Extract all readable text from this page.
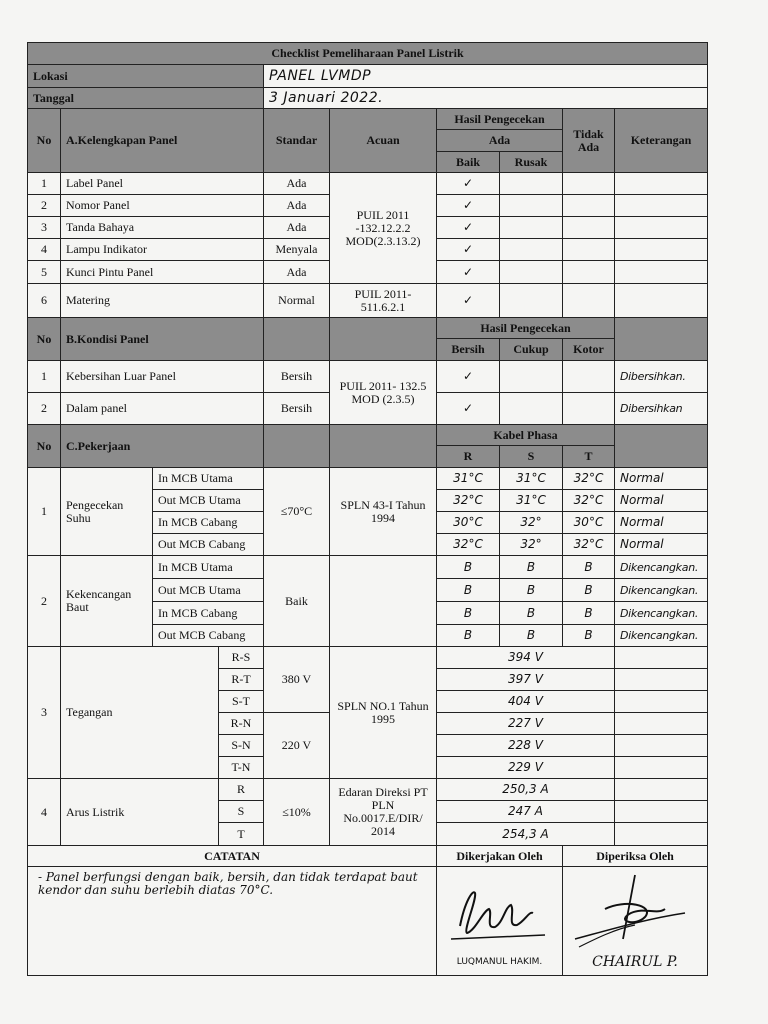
Checklist Pemeliharaan Panel Listrik									
Lokasi				PANEL LVMDP					
Tanggal				3 Januari 2022.					
No	A.Kelengkapan Panel			Standar	Acuan	Hasil Pengecekan		Tidak Ada	Keterangan
						Ada			
						Baik	Rusak		
1	Label Panel			Ada	PUIL 2011 -132.12.2.2 MOD(2.3.13.2)	✓			
2	Nomor Panel			Ada		✓			
3	Tanda Bahaya			Ada		✓			
4	Lampu Indikator			Menyala		✓			
5	Kunci Pintu Panel			Ada		✓			
6	Matering			Normal	PUIL 2011- 511.6.2.1	✓			
No	B.Kondisi Panel					Hasil Pengecekan			
						Bersih	Cukup	Kotor	
1	Kebersihan Luar Panel			Bersih	PUIL 2011- 132.5 MOD (2.3.5)	✓			Dibersihkan.
2	Dalam panel			Bersih		✓			Dibersihkan
No	C.Pekerjaan					Kabel Phasa			
						R	S	T	
1	Pengecekan Suhu	In MCB Utama		≤70°C	SPLN 43-I Tahun 1994	31°C	31°C	32°C	Normal
		Out MCB Utama				32°C	31°C	32°C	Normal
		In MCB Cabang				30°C	32°	30°C	Normal
		Out MCB Cabang				32°C	32°	32°C	Normal
2	Kekencangan Baut	In MCB Utama		Baik		B	B	B	Dikencangkan.
		Out MCB Utama				B	B	B	Dikencangkan.
		In MCB Cabang				B	B	B	Dikencangkan.
		Out MCB Cabang				B	B	B	Dikencangkan.
3	Tegangan		R-S	380 V	SPLN NO.1 Tahun 1995	394 V			
			R-T			397 V			
			S-T			404 V			
			R-N	220 V		227 V			
			S-N			228 V			
			T-N			229 V			
4	Arus Listrik		R	≤10%	Edaran Direksi PT PLN No.0017.E/DIR/ 2014	250,3 A			
			S			247 A			
			T			254,3 A			
CATATAN						Dikerjakan Oleh		Diperiksa Oleh	
- Panel berfungsi dengan baik, bersih, dan tidak terdapat baut kendor dan suhu berlebih diatas 70°C.						LUQMANUL HAKIM.		CHAIRUL P.	
